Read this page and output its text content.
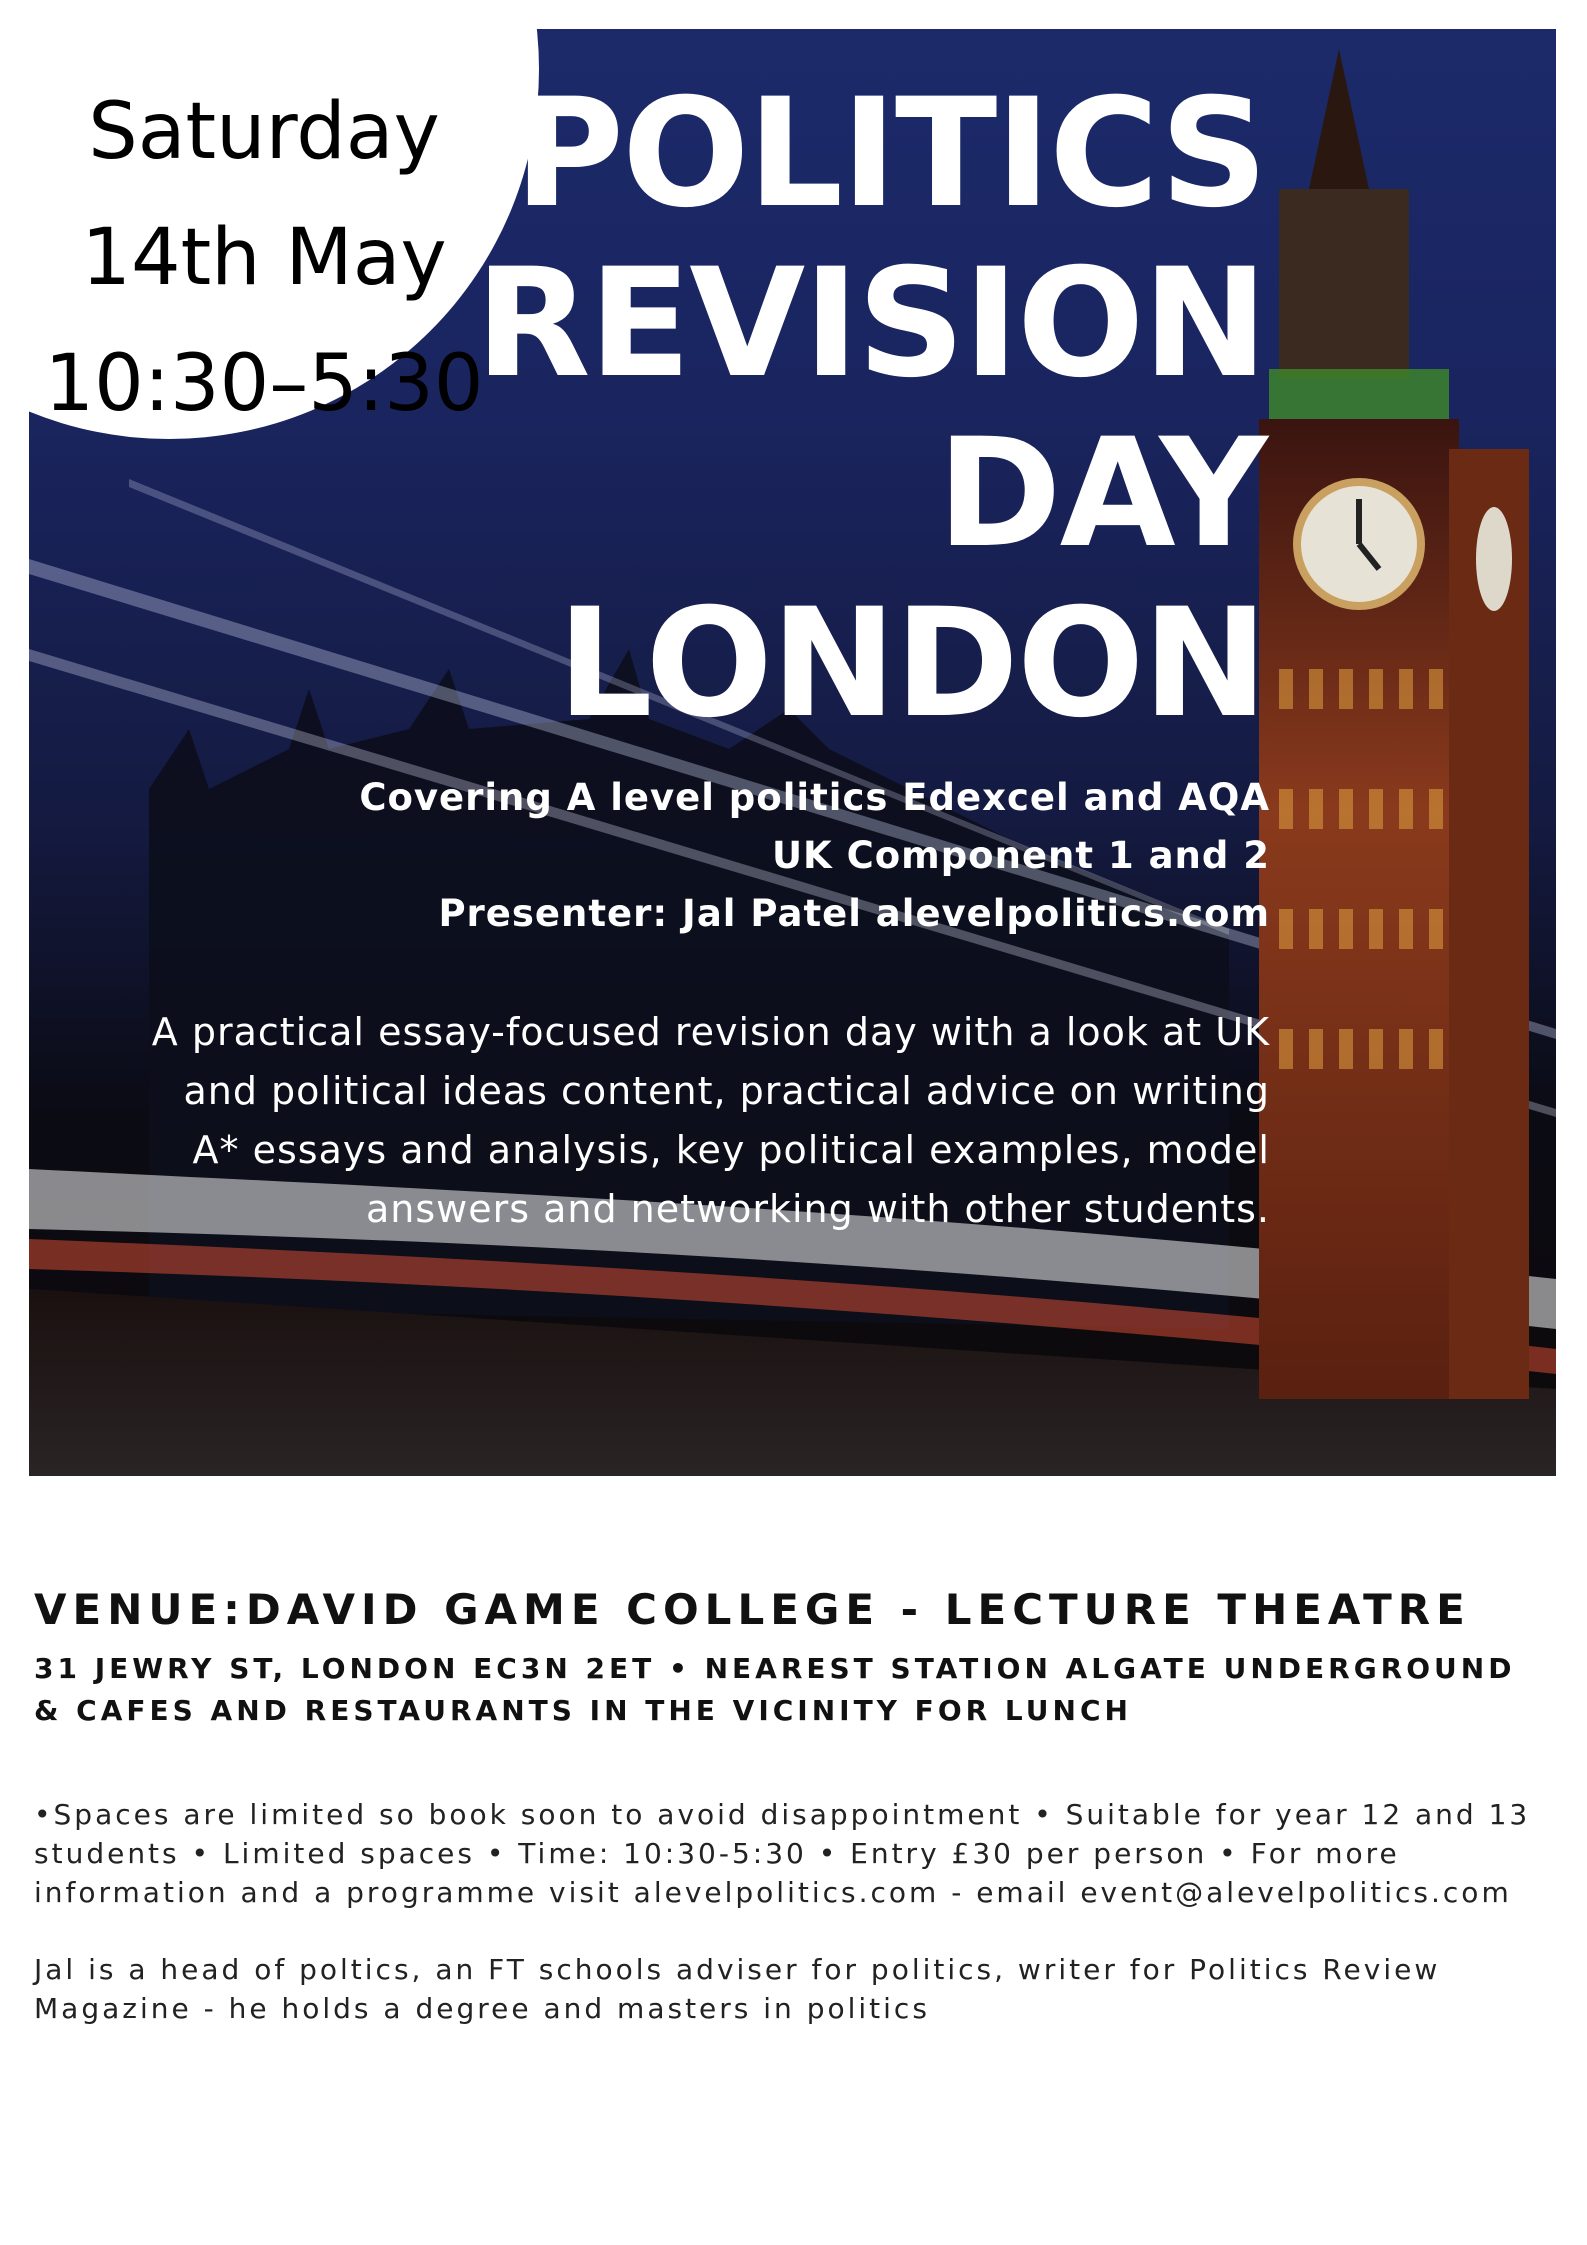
Saturday
14th May
10:30–5:30
POLITICS
REVISION
DAY
LONDON
Covering A level politics Edexcel and AQA
UK Component 1 and 2
Presenter: Jal Patel alevelpolitics.com
A practical essay-focused revision day with a look at UK and political ideas content, practical advice on writing A* essays and analysis, key political examples, model answers and networking with other students.
VENUE:DAVID GAME COLLEGE - LECTURE THEATRE
31 JEWRY ST, LONDON EC3N 2ET • NEAREST STATION ALGATE UNDERGROUND
& CAFES AND RESTAURANTS IN THE VICINITY FOR LUNCH
•Spaces are limited so book soon to avoid disappointment • Suitable for year 12 and 13 students • Limited spaces • Time: 10:30-5:30 • Entry £30 per person • For more information and a programme visit alevelpolitics.com - email event@alevelpolitics.com
Jal is a head of poltics, an FT schools adviser for politics, writer for Politics Review Magazine - he holds a degree and masters in politics
